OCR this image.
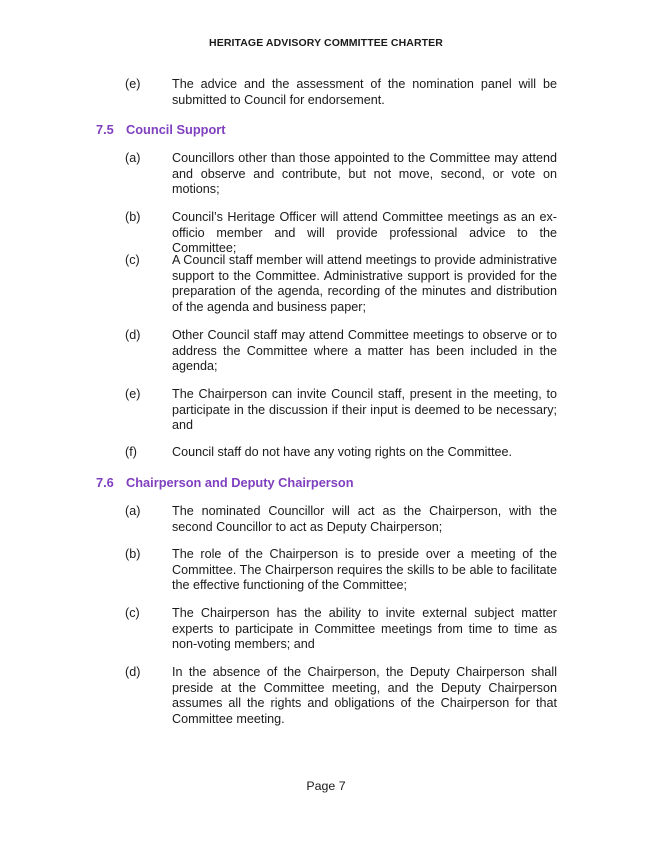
HERITAGE ADVISORY COMMITTEE CHARTER
(e)	The advice and the assessment of the nomination panel will be submitted to Council for endorsement.
7.5 Council Support
(a)	Councillors other than those appointed to the Committee may attend and observe and contribute, but not move, second, or vote on motions;
(b)	Council’s Heritage Officer will attend Committee meetings as an ex-officio member and will provide professional advice to the Committee;
(c)	A Council staff member will attend meetings to provide administrative support to the Committee. Administrative support is provided for the preparation of the agenda, recording of the minutes and distribution of the agenda and business paper;
(d)	Other Council staff may attend Committee meetings to observe or to address the Committee where a matter has been included in the agenda;
(e)	The Chairperson can invite Council staff, present in the meeting, to participate in the discussion if their input is deemed to be necessary; and
(f)	Council staff do not have any voting rights on the Committee.
7.6 Chairperson and Deputy Chairperson
(a)	The nominated Councillor will act as the Chairperson, with the second Councillor to act as Deputy Chairperson;
(b)	The role of the Chairperson is to preside over a meeting of the Committee. The Chairperson requires the skills to be able to facilitate the effective functioning of the Committee;
(c)	The Chairperson has the ability to invite external subject matter experts to participate in Committee meetings from time to time as non-voting members; and
(d)	In the absence of the Chairperson, the Deputy Chairperson shall preside at the Committee meeting, and the Deputy Chairperson assumes all the rights and obligations of the Chairperson for that Committee meeting.
Page 7
